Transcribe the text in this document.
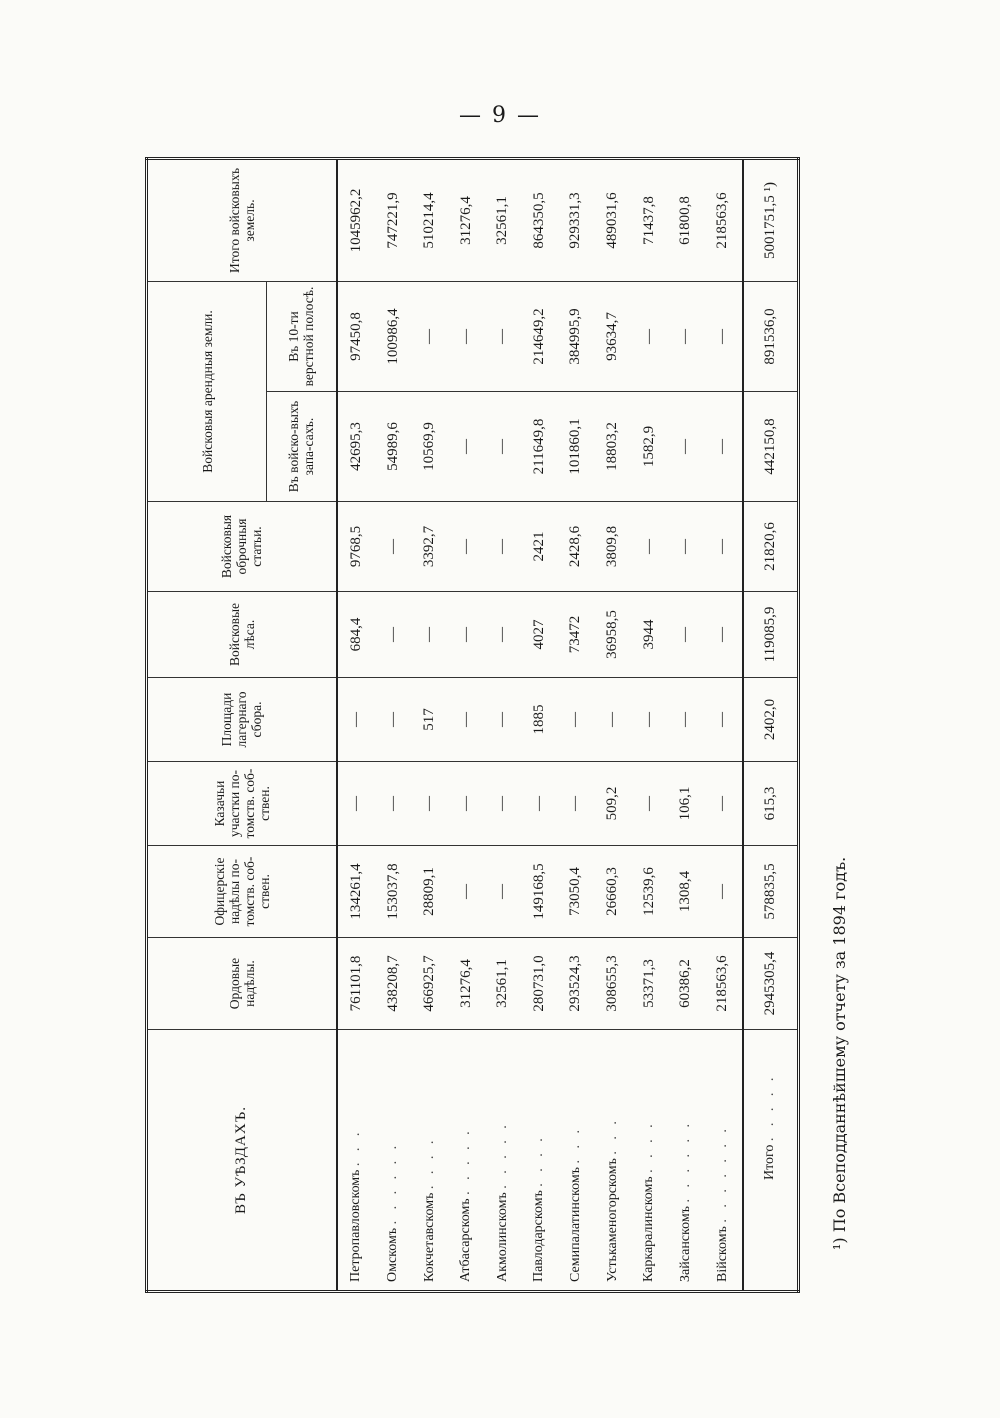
— 9 —
ВЪ УѢЗДАХЪ.	Ордовые надѣлы.	Офицерскіе надѣлы по-томств. соб-ствен.	Казачьи участки по-томств. соб-ствен.	Площади лагернаго сбора.	Войсковые лѣса.	Войсковыя оброчныя статьи.	Войсковыя арендныя земли.		Итого войсковыхъ земель.
							Въ войско-выхъ запа-сахъ.	Въ 10-ти верстной полосѣ.	
Петропавловскомъ . . .	761101,8	134261,4	—	—	684,4	9768,5	42695,3	97450,8	1045962,2
Омскомъ . . . . . .	438208,7	153037,8	—	—	—	—	54989,6	100986,4	747221,9
Кокчетавскомъ . . . .	466925,7	28809,1	—	517	—	3392,7	10569,9	—	510214,4
Атбасарскомъ . . . . .	31276,4	—	—	—	—	—	—	—	31276,4
Акмолинскомъ . . . . .	32561,1	—	—	—	—	—	—	—	32561,1
Павлодарскомъ . . . .	280731,0	149168,5	—	1885	4027	2421	211649,8	214649,2	864350,5
Семипалатинскомъ . . .	293524,3	73050,4	—	—	73472	2428,6	101860,1	384995,9	929331,3
Устькаменогорскомъ . . .	308655,3	26660,3	509,2	—	36958,5	3809,8	18803,2	93634,7	489031,6
Каркаралинскомъ . . . .	53371,3	12539,6	—	—	3944	—	1582,9	—	71437,8
Зайсанскомъ . . . . . .	60386,2	1308,4	106,1	—	—	—	—	—	61800,8
Вiйскомъ . . . . . . .	218563,6	—	—	—	—	—	—	—	218563,6
Итого . . . . .	2945305,4	578835,5	615,3	2402,0	119085,9	21820,6	442150,8	891536,0	5001751,5 ¹)
¹) По Всеподданнѣйшему отчету за 1894 годъ.
